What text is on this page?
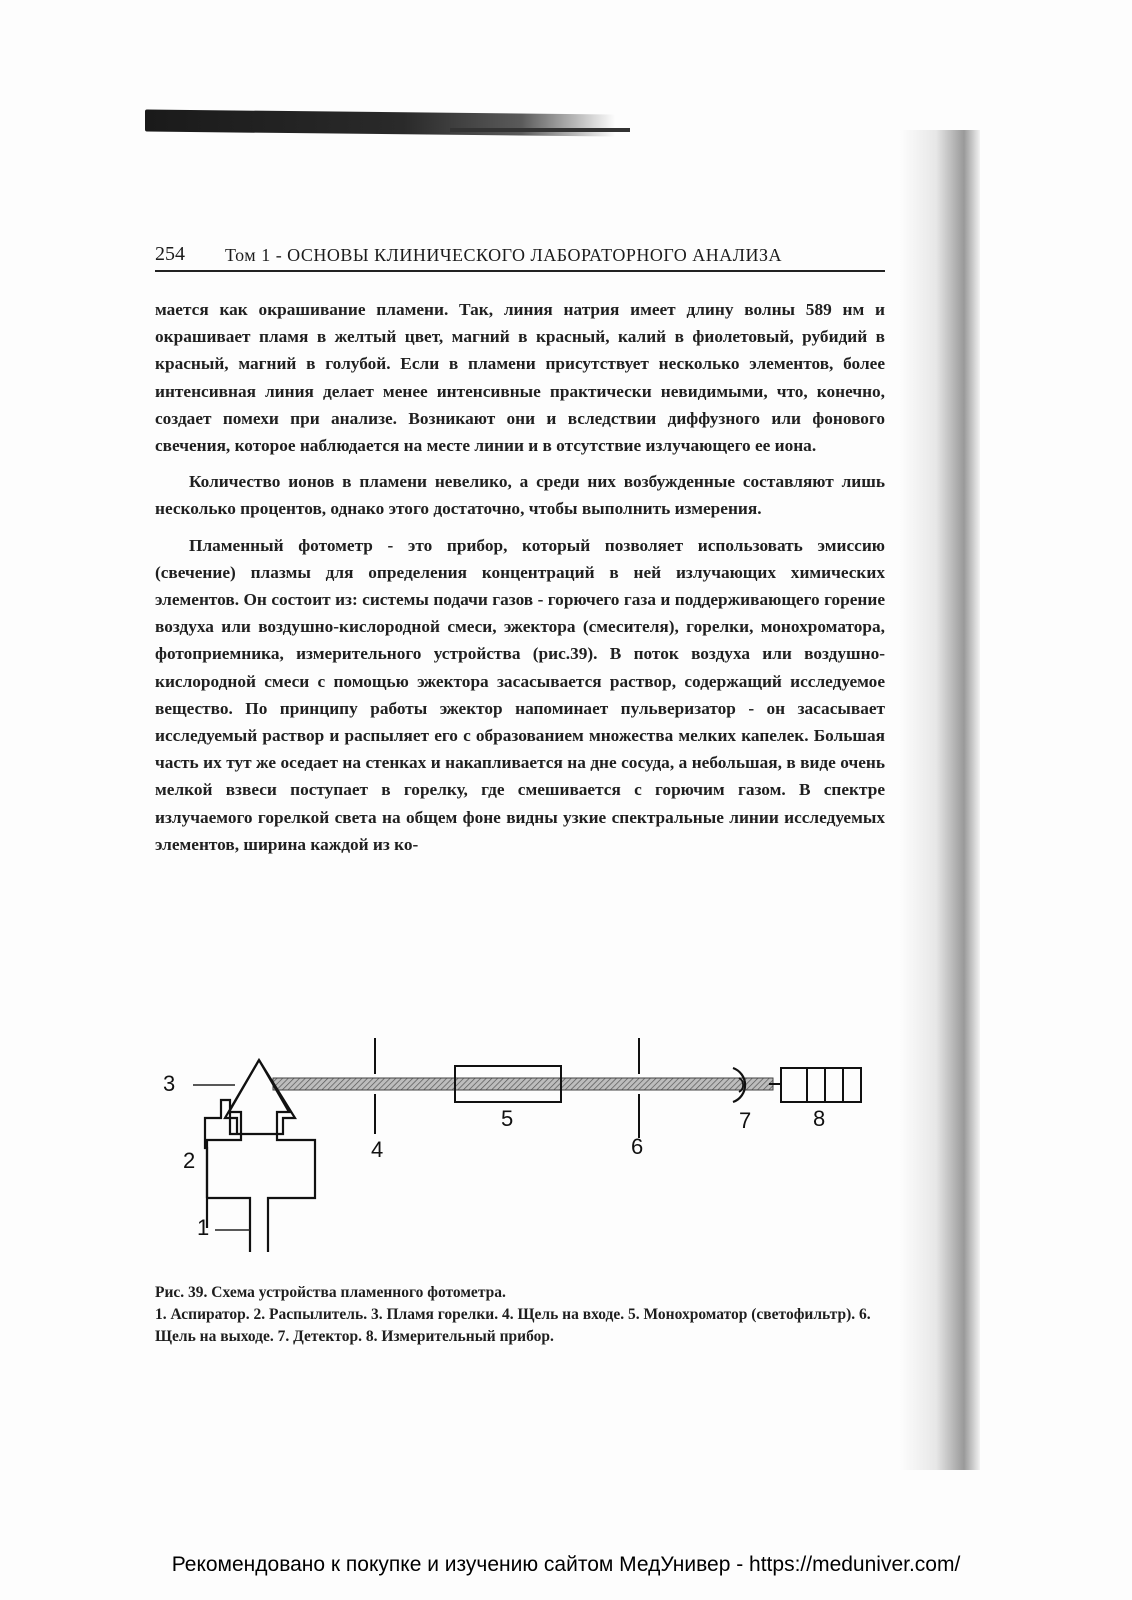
254 Том 1 - ОСНОВЫ КЛИНИЧЕСКОГО ЛАБОРАТОРНОГО АНАЛИЗА

мается как окрашивание пламени. Так, линия натрия имеет длину волны 589 нм и окрашивает пламя в желтый цвет, магний в красный, калий в фиолетовый, рубидий в красный, магний в голубой. Если в пламени присутствует несколько элементов, более интенсивная линия делает менее интенсивные практически невидимыми, что, конечно, создает помехи при анализе. Возникают они и вследствии диффузного или фонового свечения, которое наблюдается на месте линии и в отсутствие излучающего ее иона.

Количество ионов в пламени невелико, а среди них возбужденные составляют лишь несколько процентов, однако этого достаточно, чтобы выполнить измерения.

Пламенный фотометр - это прибор, который позволяет использовать эмиссию (свечение) плазмы для определения концентраций в ней излучающих химических элементов. Он состоит из: системы подачи газов - горючего газа и поддерживающего горение воздуха или воздушно-кислородной смеси, эжектора (смесителя), горелки, монохроматора, фотоприемника, измерительного устройства (рис.39). В поток воздуха или воздушно-кислородной смеси с помощью эжектора засасывается раствор, содержащий исследуемое вещество. По принципу работы эжектор напоминает пульверизатор - он засасывает исследуемый раствор и распыляет его с образованием множества мелких капелек. Большая часть их тут же оседает на стенках и накапливается на дне сосуда, а небольшая, в виде очень мелкой взвеси поступает в горелку, где смешивается с горючим газом. В спектре излучаемого горелкой света на общем фоне видны узкие спектральные линии исследуемых элементов, ширина каждой из ко-

3
2
1
4
5
6
7	8
Рис. 39. Схема устройства пламенного фотометра.
1. Аспиратор. 2. Распылитель. 3. Пламя горелки. 4. Щель на входе. 5. Монохроматор (светофильтр). 6. Щель на выходе. 7. Детектор. 8. Измерительный прибор.
Рекомендовано к покупке и изучению сайтом МедУнивер - https://meduniver.com/
